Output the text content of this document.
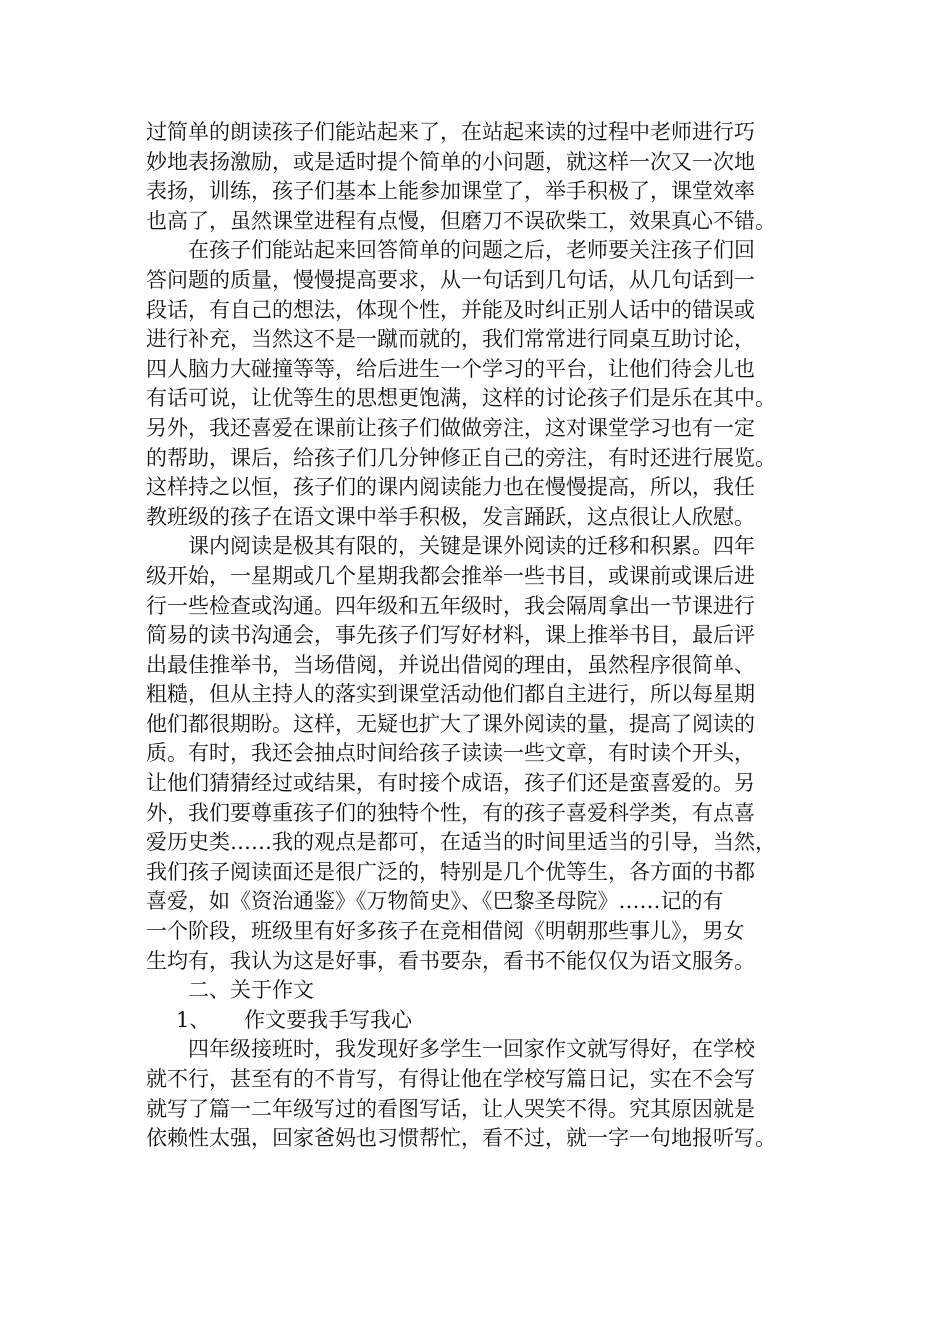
过简单的朗读孩子们能站起来了，在站起来读的过程中老师进行巧
妙地表扬激励，或是适时提个简单的小问题，就这样一次又一次地
表扬，训练，孩子们基本上能参加课堂了，举手积极了，课堂效率
也高了，虽然课堂进程有点慢，但磨刀不误砍柴工，效果真心不错。
在孩子们能站起来回答简单的问题之后，老师要关注孩子们回
答问题的质量，慢慢提高要求，从一句话到几句话，从几句话到一
段话，有自己的想法，体现个性，并能及时纠正别人话中的错误或
进行补充，当然这不是一蹴而就的，我们常常进行同桌互助讨论，
四人脑力大碰撞等等，给后进生一个学习的平台，让他们待会儿也
有话可说，让优等生的思想更饱满，这样的讨论孩子们是乐在其中。
另外，我还喜爱在课前让孩子们做做旁注，这对课堂学习也有一定
的帮助，课后，给孩子们几分钟修正自己的旁注，有时还进行展览。
这样持之以恒，孩子们的课内阅读能力也在慢慢提高，所以，我任
教班级的孩子在语文课中举手积极，发言踊跃，这点很让人欣慰。
课内阅读是极其有限的，关键是课外阅读的迁移和积累。四年
级开始，一星期或几个星期我都会推举一些书目，或课前或课后进
行一些检查或沟通。四年级和五年级时，我会隔周拿出一节课进行
简易的读书沟通会，事先孩子们写好材料，课上推举书目，最后评
出最佳推举书，当场借阅，并说出借阅的理由，虽然程序很简单、
粗糙，但从主持人的落实到课堂活动他们都自主进行，所以每星期
他们都很期盼。这样，无疑也扩大了课外阅读的量，提高了阅读的
质。有时，我还会抽点时间给孩子读读一些文章，有时读个开头，
让他们猜猜经过或结果，有时接个成语，孩子们还是蛮喜爱的。另
外，我们要尊重孩子们的独特个性，有的孩子喜爱科学类，有点喜
爱历史类……我的观点是都可，在适当的时间里适当的引导，当然，
我们孩子阅读面还是很广泛的，特别是几个优等生，各方面的书都
喜爱，如《资治通鉴》《万物简史》、《巴黎圣母院》……记的有
一个阶段，班级里有好多孩子在竞相借阅《明朝那些事儿》，男女
生均有，我认为这是好事，看书要杂，看书不能仅仅为语文服务。
二、关于作文
1、 作文要我手写我心
四年级接班时，我发现好多学生一回家作文就写得好，在学校
就不行，甚至有的不肯写，有得让他在学校写篇日记，实在不会写
就写了篇一二年级写过的看图写话，让人哭笑不得。究其原因就是
依赖性太强，回家爸妈也习惯帮忙，看不过，就一字一句地报听写。
